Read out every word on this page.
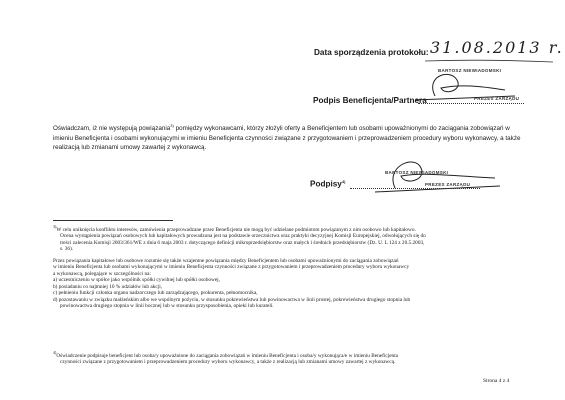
Data sporządzenia protokołu: 31.08.2013 r.
BARTOSZ NIEWIADOMSKI
Podpis Beneficjenta/Partnera	PREZES ZARZĄDU
Oświadczam, iż nie występują powiązania$^{3)}$ pomiędzy wykonawcami, którzy złożyli oferty a Beneficjentem lub osobami upoważnionymi do zaciągania zobowiązań w imieniu Beneficjenta i osobami wykonującymi w imieniu Beneficjenta czynności związane z przygotowaniem i przeprowadzeniem procedury wyboru wykonawcy, a także realizacją lub zmianami umowy zawartej z wykonawcą.
BARTOSZ NIEWIADOMSKI
Podpisy$^{4)}$
PREZES ZARZĄDU
$^{3)}$W celu uniknięcia konfliktu interesów, zamówienia przeprowadzane przez Beneficjenta nie mogą być udzielane podmiotom powiązanym z nim osobowo lub kapitałowo.
Ocena wystąpienia powiązań osobowych lub kapitałowych prowadzona jest na podstawie orzecznictwa oraz praktyki decyzyjnej Komisji Europejskiej, odwołujących się do
treści zalecenia Komisji 2003/361/WE z dnia 6 maja 2003 r. dotyczącego definicji mikroprzedsiębiorstw oraz małych i średnich przedsiębiorstw (Dz. U. L 124 z 20.5.2003,
s. 36).
Przez powiązania kapitałowe lub osobowe rozumie się także wzajemne powiązania między Beneficjentem lub osobami upoważnionymi do zaciągania zobowiązań
w imieniu Beneficjenta lub osobami wykonującymi w imieniu Beneficjenta czynności związane z przygotowaniem i przeprowadzeniem procedury wyboru wykonawcy
a wykonawcą, polegające w szczególności na:
a) uczestniczeniu w spółce jako wspólnik spółki cywilnej lub spółki osobowej,
b) posiadaniu co najmniej 10 % udziałów lub akcji,
c) pełnieniu funkcji członka organu nadzorczego lub zarządzającego, prokurenta, pełnomocnika,
d) pozostawaniu w związku małżeńskim albo we wspólnym pożyciu, w stosunku pokrewieństwa lub powinowactwa w linii prostej, pokrewieństwa drugiego stopnia lub
powinowactwa drugiego stopnia w linii bocznej lub w stosunku przysposobienia, opieki lub kurateli.
$^{4)}$Oświadczenie podpisuje beneficjent lub osoba/y upoważnione do zaciągania zobowiązań w imieniu Beneficjenta i osoba/y wykonująca/e w imieniu Beneficjenta
czynności związane z przygotowaniem i przeprowadzeniem procedury wyboru wykonawcy, a także z realizacją lub zmianami umowy zawartej z wykonawcą.
Strona 4 z 4
